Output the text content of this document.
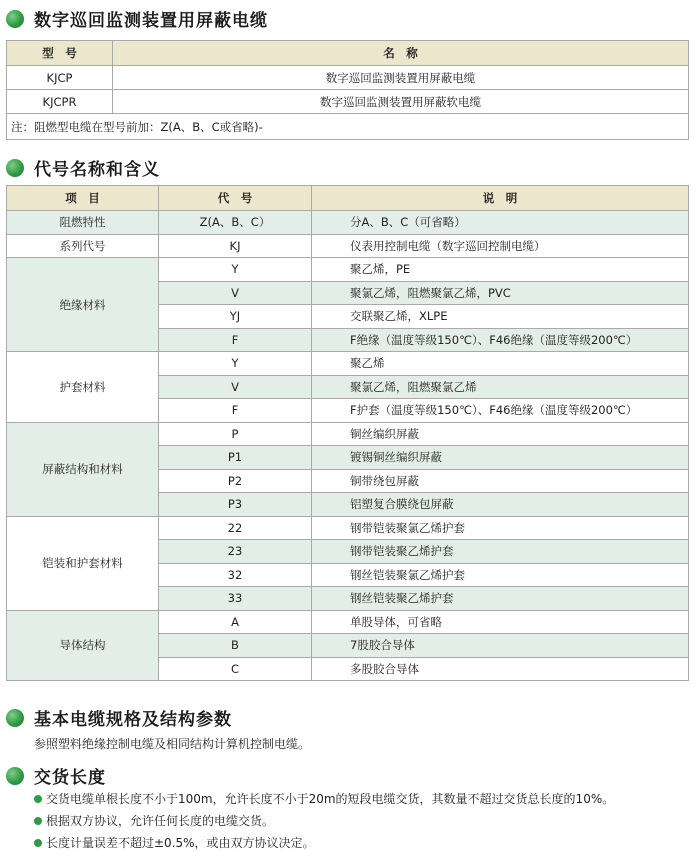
数字巡回监测装置用屏蔽电缆
型　号	名　称
KJCP	数字巡回监测装置用屏蔽电缆
KJCPR	数字巡回监测装置用屏蔽软电缆
注：阻燃型电缆在型号前加：Z(A、B、C或省略)-	
代号名称和含义
项　目	代　号	说　明
阻燃特性	Z(A、B、C）	分A、B、C（可省略）
系列代号	KJ	仪表用控制电缆（数字巡回控制电缆）
绝缘材料	Y	聚乙烯，PE
	V	聚氯乙烯，阻燃聚氯乙烯，PVC
	YJ	交联聚乙烯，XLPE
	F	F绝缘（温度等级150℃）、F46绝缘（温度等级200℃）
护套材料	Y	聚乙烯
	V	聚氯乙烯，阻燃聚氯乙烯
	F	F护套（温度等级150℃）、F46绝缘（温度等级200℃）
屏蔽结构和材料	P	铜丝编织屏蔽
	P1	镀锡铜丝编织屏蔽
	P2	铜带绕包屏蔽
	P3	铝塑复合膜绕包屏蔽
铠装和护套材料	22	钢带铠装聚氯乙烯护套
	23	钢带铠装聚乙烯护套
	32	钢丝铠装聚氯乙烯护套
	33	钢丝铠装聚乙烯护套
导体结构	A	单股导体，可省略
	B	7股胶合导体
	C	多股胶合导体
基本电缆规格及结构参数
参照塑料绝缘控制电缆及相同结构计算机控制电缆。
交货长度
交货电缆单根长度不小于100m，允许长度不小于20m的短段电缆交货，其数量不超过交货总长度的10%。
根据双方协议，允许任何长度的电缆交货。
长度计量误差不超过±0.5%，或由双方协议决定。
